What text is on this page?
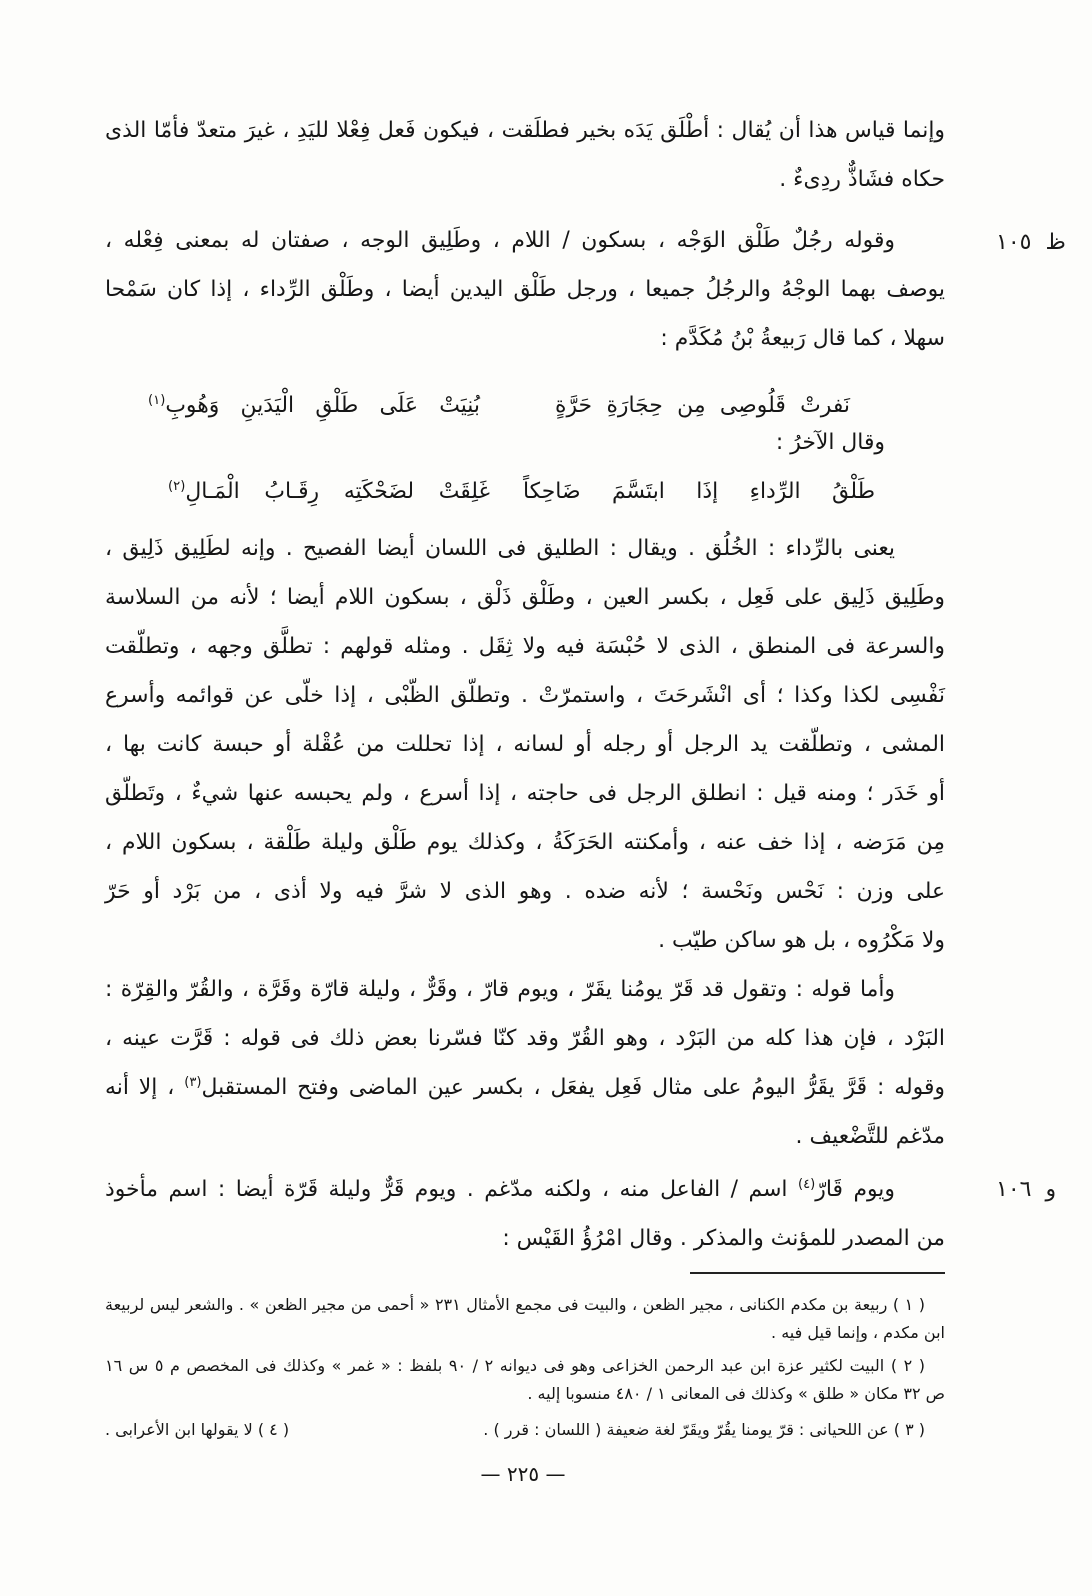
١٠٥ ظ
١٠٦ و
وإنما قياس هذا أن يُقال : أطْلَق يَدَه بخير فطلَقت ، فيكون فَعل فِعْلا لليَدِ ، غيرَ متعدّ فأمّا الذى
حكاه فشَاذٌّ ردِىءٌ .
وقوله رجُلٌ طَلْق الوَجْه ، بسكون / اللام ، وطَلِيق الوجه ، صفتان له بمعنى فِعْله ،
يوصف بهما الوجْهُ والرجُلُ جميعا ، ورجل طَلْق اليدين أيضا ، وطَلْق الرِّداء ، إذا كان سَمْحا
سهلا ، كما قال رَبيعةُ بْنُ مُكَدَّم :
نَفرتْ قَلُوصِى مِن حِجَارَةِ حَرَّةٍ
بُنِيَتْ عَلَى طَلْقِ الْيَدَينِ وَهُوبِ$^{(١)}$
وقال الآخرُ :
طَلْقُ الرِّداءِ إذَا ابتَسَّمَ ضَاحِكاً
غَلِقَتْ لضَحْكَتِه رِقَـابُ الْمَـالِ$^{(٢)}$
يعنى بالرِّداء : الخُلُق . ويقال : الطليق فى اللسان أيضا الفصيح . وإنه لطَلِيق ذَلِيق ،
وطَلِيق ذَلِيق على فَعِل ، بكسر العين ، وطَلْق ذَلْق ، بسكون اللام أيضا ؛ لأنه من السلاسة
والسرعة فى المنطق ، الذى لا حُبْسَة فيه ولا ثِقَل . ومثله قولهم : تطلَّق وجهه ، وتطلّقت
نَفْسِى لكذا وكذا ؛ أى انْشَرحَتَ ، واستمرّتْ . وتطلّق الظّبْى ، إذا خلّى عن قوائمه وأسرع
المشى ، وتطلّقت يد الرجل أو رجله أو لسانه ، إذا تحللت من عُقْلة أو حبسة كانت بها ،
أو خَدَر ؛ ومنه قيل : انطلق الرجل فى حاجته ، إذا أسرع ، ولم يحبسه عنها شيءٌ ، وتَطلّق
مِن مَرَضه ، إذا خف عنه ، وأمكنته الحَرَكَةُ ، وكذلك يوم طَلْق وليلة طَلْقة ، بسكون اللام ،
على وزن : نَحْس ونَحْسة ؛ لأنه ضده . وهو الذى لا شرَّ فيه ولا أذى ، من بَرْد أو حَرّ
ولا مَكْرُوه ، بل هو ساكن طيّب .
وأما قوله : وتقول قد قَرّ يومُنا يقَرّ ، ويوم قارّ ، وقَرٌّ ، وليلة قارّة وقَرَّة ، والقُرّ والقِرّة :
البَرْد ، فإن هذا كله من البَرْد ، وهو القُرّ وقد كنّا فسّرنا بعض ذلك فى قوله : قَرَّت عينه ،
وقوله : قَرَّ يقَرُّ اليومُ على مثال فَعِل يفعَل ، بكسر عين الماضى وفتح المستقبل$^{(٣)}$ ، إلا أنه
مدّغم للتَّضْعيف .
ويوم قَارّ$^{(٤)}$ اسم / الفاعل منه ، ولكنه مدّغم . ويوم قَرٌّ وليلة قَرّة أيضا : اسم مأخوذ
من المصدر للمؤنث والمذكر . وقال امْرُؤُ القَيْس :
( ١ ) ربيعة بن مكدم الكنانى ، مجير الظعن ، والبيت فى مجمع الأمثال ٢٣١ « أحمى من مجير الظعن » . والشعر ليس لربيعة
ابن مكدم ، وإنما قيل فيه .
( ٢ ) البيت لكثير عزة ابن عبد الرحمن الخزاعى وهو فى ديوانه ٢ / ٩٠ بلفظ : « غمر » وكذلك فى المخصص م ٥ س ١٦
ص ٣٢ مكان « طلق » وكذلك فى المعانى ١ / ٤٨٠ منسوبا إليه .
( ٣ ) عن اللحيانى : قرّ يومنا يقُرّ ويقَرّ لغة ضعيفة ( اللسان : قرر ) .
( ٤ ) لا يقولها ابن الأعرابى .
— ٢٢٥ —
